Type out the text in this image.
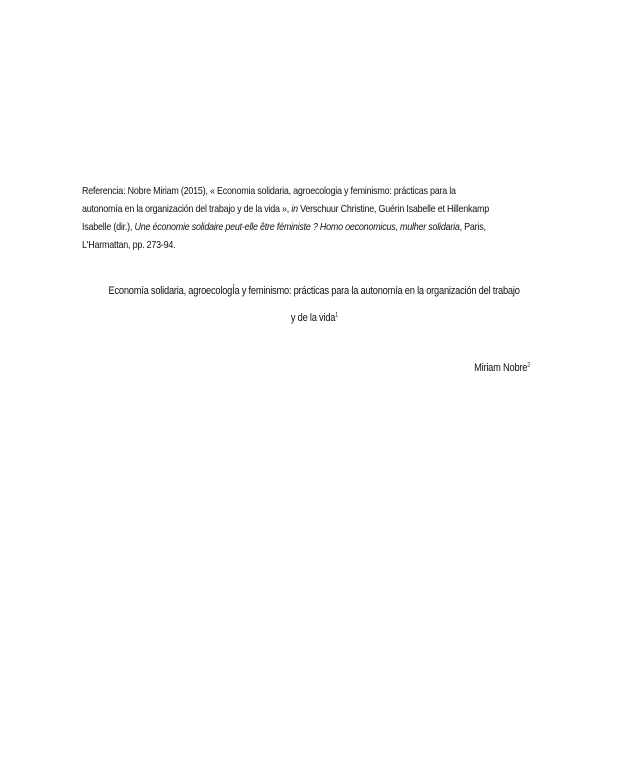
Referencia: Nobre Miriam (2015), « Economia solidaria, agroecologia y feminismo: prácticas para la
autonomía en la organización del trabajo y de la vida », in Verschuur Christine, Guérin Isabelle et Hillenkamp
Isabelle (dir.), Une économie solidaire peut-elle être féministe ? Homo oeconomicus, mulher solidaria, Paris,
L'Harmattan, pp. 273-94.
Economía solidaria, agroecologÍa y feminismo: prácticas para la autonomía en la organización del trabajo
y de la vida$^1$
Miriam Nobre$^2$
